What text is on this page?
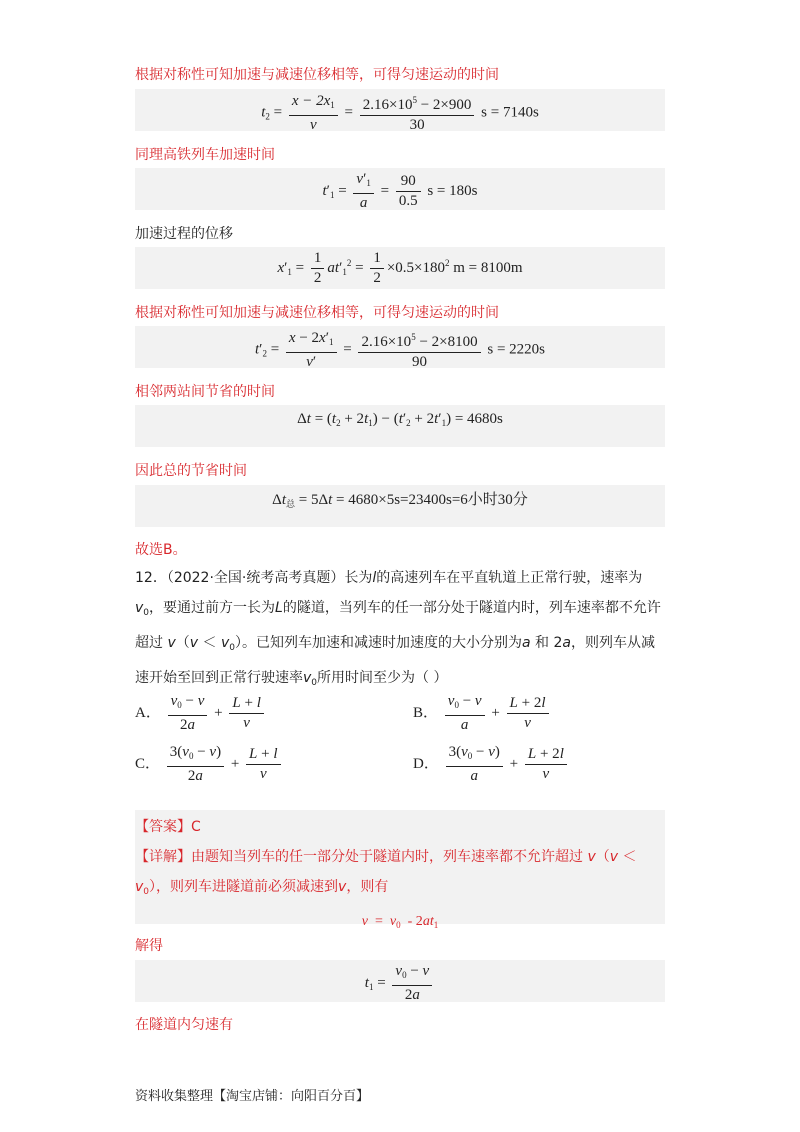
根据对称性可知加速与减速位移相等，可得匀速运动的时间
$t_2 = \frac{x - 2x_1}{v} = \frac{2.16\times 10^5 - 2\times 900}{30}$ s = 7140s
同理高铁列车加速时间
$t'_1 = \frac{v'_1}{a} = \frac{90}{0.5}$ s = 180s
加速过程的位移
$x'_1 = \frac{1}{2} at'_1^2 = \frac{1}{2} \times 0.5\times 180^2$ m = 8100m
根据对称性可知加速与减速位移相等，可得匀速运动的时间
$t'_2 = \frac{x - 2x'_1}{v'} = \frac{2.16\times 10^5 - 2\times 8100}{90}$ s = 2220s
相邻两站间节省的时间
$\Delta t = (t_2 + 2t_1) - (t'_2 + 2t'_1) = 4680s$
因此总的节省时间
$\Delta t_总 = 5\Delta t = 4680\times 5s=23400s=6$小时30分
故选B。
12．（2022·全国·统考高考真题）长为l的高速列车在平直轨道上正常行驶，速率为
$v_0$，要通过前方一长为L的隧道，当列车的任一部分处于隧道内时，列车速率都不允许超过 $v(v < v_0)$。已知列车加速和减速时加速度的大小分别为a 和 2a，则列车从减速开始至回到正常行驶速率$v_0$所用时间至少为（ ）
A． $\frac{v_0 - v}{2a} + \frac{L + l}{v}$	B． $\frac{v_0 - v}{a} + \frac{L + 2l}{v}$
C． $\frac{3(v_0 - v)}{2a} + \frac{L + l}{v}$	D． $\frac{3(v_0 - v)}{a} + \frac{L + 2l}{v}$
【答案】C
【详解】由题知当列车的任一部分处于隧道内时，列车速率都不允许超过 v（v ＜
$v_0$），则列车进隧道前必须减速到v，则有

$v = v_0 - 2at_1$
解得
$t_1 = \frac{v_0 - v}{2a}$
在隧道内匀速有
资料收集整理【淘宝店铺：向阳百分百】
